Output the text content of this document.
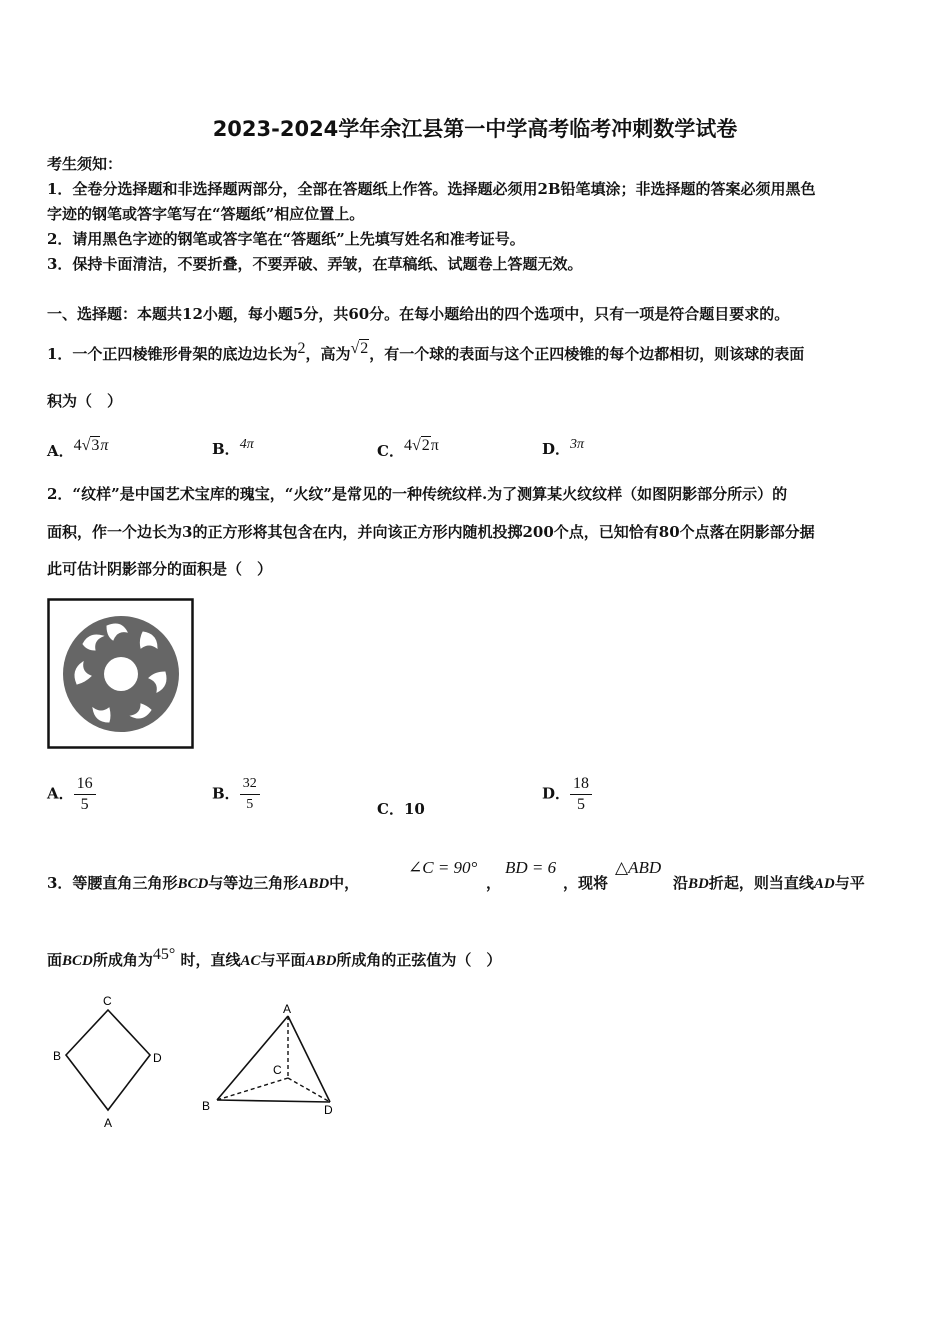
2023-2024学年余江县第一中学高考临考冲刺数学试卷
考生须知：
1．全卷分选择题和非选择题两部分，全部在答题纸上作答。选择题必须用2B铅笔填涂；非选择题的答案必须用黑色
字迹的钢笔或答字笔写在“答题纸”相应位置上。
2．请用黑色字迹的钢笔或答字笔在“答题纸”上先填写姓名和准考证号。
3．保持卡面清洁，不要折叠，不要弄破、弄皱，在草稿纸、试题卷上答题无效。
一、选择题：本题共12小题，每小题5分，共60分。在每小题给出的四个选项中，只有一项是符合题目要求的。
1．一个正四棱锥形骨架的底边边长为$^2$，高为$^{√2}$，有一个球的表面与这个正四棱锥的每个边都相切，则该球的表面
积为（　）
A．$^{4√3\pi}$	B．$^{4\pi}$	C．$^{4√2\pi}$	D．$^{3\pi}$
2．“纹样”是中国艺术宝库的瑰宝，“火纹”是常见的一种传统纹样.为了测算某火纹纹样（如图阴影部分所示）的
面积，作一个边长为3的正方形将其包含在内，并向该正方形内随机投掷200个点，已知恰有80个点落在阴影部分据
此可估计阴影部分的面积是（　）
A． $\frac{16}{5}$	B． $\frac{32}{5}$	C．10
D． $\frac{18}{5}$
3．等腰直角三角形BCD与等边三角形ABD中，
∠C = 90°
，
BD = 6
，现将
△ABD
沿BD折起，则当直线AD与平
面BCD所成角为$^{45^\circ}$ 时，直线AC与平面ABD所成角的正弦值为（　）
C
B	D
A
A
C
B	D
